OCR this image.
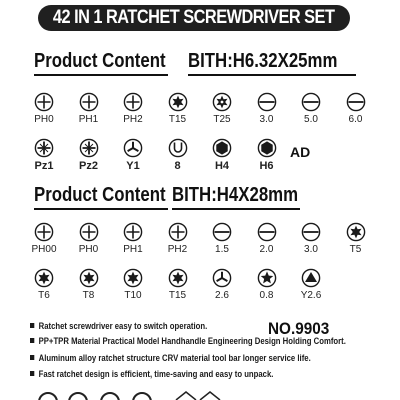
42 IN 1 RATCHET SCREWDRIVER SET
Product Content BITH:H6.32X25mm
PH0	PH1	PH2	T15	T25	3.0	5.0	6.0
Pz1	Pz2	Y1	8	H4	H6
AD
Product Content BITH:H4X28mm
PH00	PH0	PH1	PH2	1.5	2.0	3.0	T5
T6	T8	T10	T15	2.6	0.8	Y2.6
Ratchet screwdriver easy to switch operation.
PP+TPR Material Practical Model Handhandle Engineering Design Holding Comfort.
Aluminum alloy ratchet structure CRV material tool bar longer service life.
Fast ratchet design is efficient, time-saving and easy to unpack.
NO.9903
